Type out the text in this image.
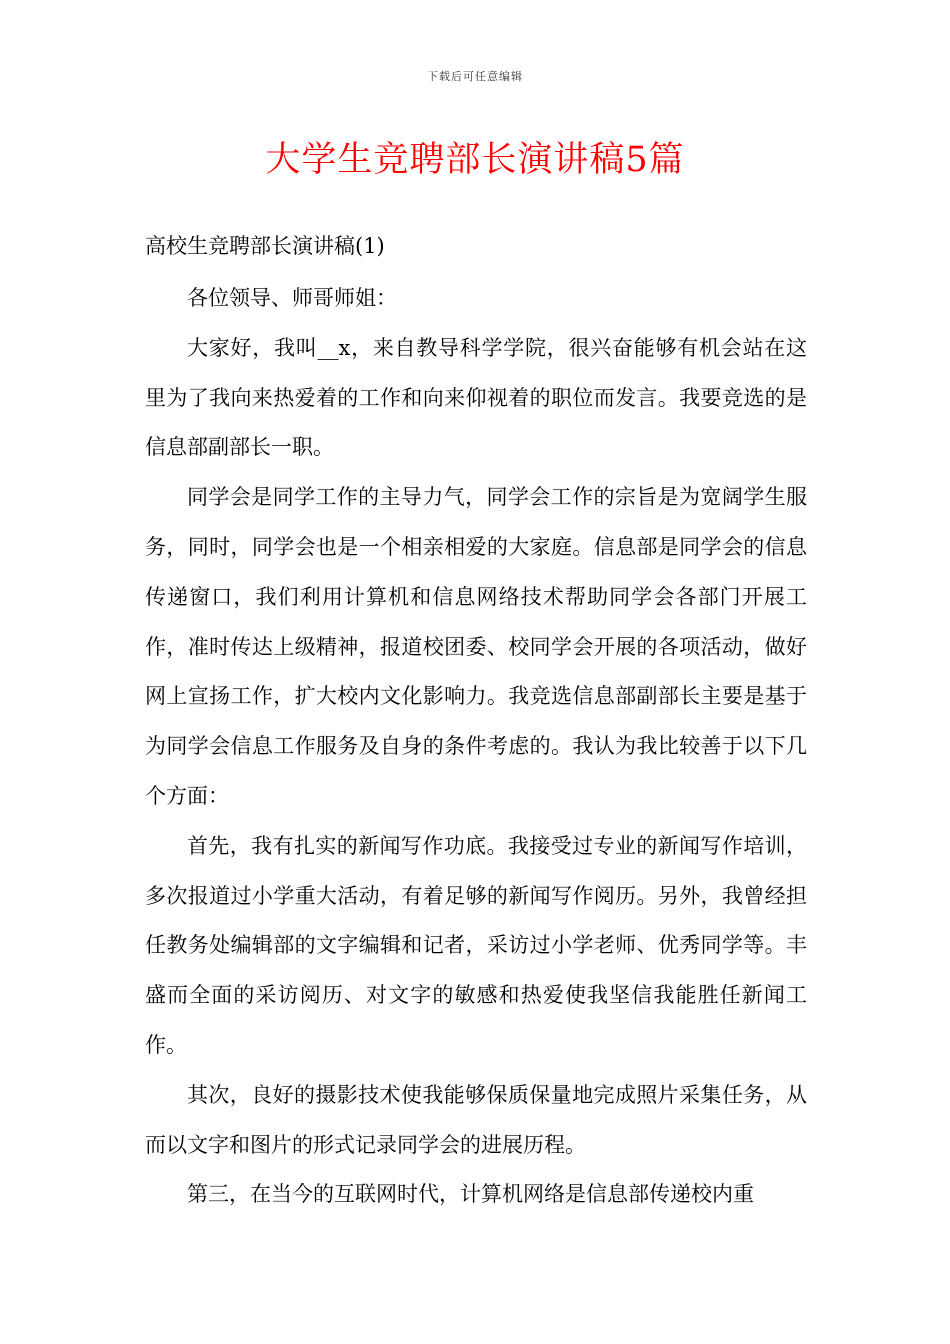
下载后可任意编辑
大学生竞聘部长演讲稿5篇
高校生竞聘部长演讲稿(1)

各位领导、师哥师姐：

大家好，我叫__x，来自教导科学学院，很兴奋能够有机会站在这里为了我向来热爱着的工作和向来仰视着的职位而发言。我要竞选的是信息部副部长一职。

同学会是同学工作的主导力气，同学会工作的宗旨是为宽阔学生服务，同时，同学会也是一个相亲相爱的大家庭。信息部是同学会的信息传递窗口，我们利用计算机和信息网络技术帮助同学会各部门开展工作，准时传达上级精神，报道校团委、校同学会开展的各项活动，做好网上宣扬工作，扩大校内文化影响力。我竞选信息部副部长主要是基于为同学会信息工作服务及自身的条件考虑的。我认为我比较善于以下几个方面：

首先，我有扎实的新闻写作功底。我接受过专业的新闻写作培训，多次报道过小学重大活动，有着足够的新闻写作阅历。另外，我曾经担任教务处编辑部的文字编辑和记者，采访过小学老师、优秀同学等。丰盛而全面的采访阅历、对文字的敏感和热爱使我坚信我能胜任新闻工作。

其次，良好的摄影技术使我能够保质保量地完成照片采集任务，从而以文字和图片的形式记录同学会的进展历程。

第三，在当今的互联网时代，计算机网络是信息部传递校内重
